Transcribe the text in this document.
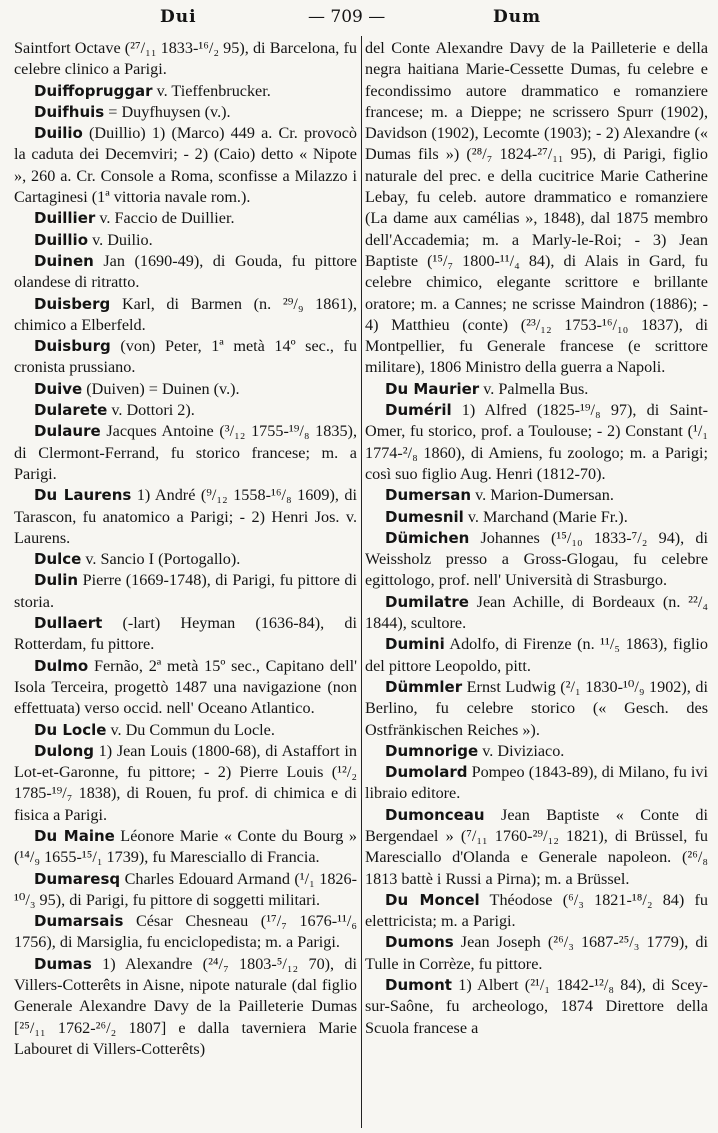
Dui	— 709 —	Dum
Saintfort Octave (²⁷/₁₁ 1833-¹⁶/₂ 95), di Barcelona, fu celebre clinico a Parigi.
Duiffopruggar v. Tieffenbrucker.
Duifhuis = Duyfhuysen (v.).
Duilio (Duillio) 1) (Marco) 449 a. Cr. provocò la caduta dei Decemviri; - 2) (Caio) detto « Nipote », 260 a. Cr. Console a Roma, sconfisse a Milazzo i Cartaginesi (1ª vittoria navale rom.).
Duillier v. Faccio de Duillier.
Duillio v. Duilio.
Duinen Jan (1690-49), di Gouda, fu pittore olandese di ritratto.
Duisberg Karl, di Barmen (n. ²⁹/₉ 1861), chimico a Elberfeld.
Duisburg (von) Peter, 1ª metà 14º sec., fu cronista prussiano.
Duive (Duiven) = Duinen (v.).
Dularete v. Dottori 2).
Dulaure Jacques Antoine (³/₁₂ 1755-¹⁹/₈ 1835), di Clermont-Ferrand, fu storico francese; m. a Parigi.
Du Laurens 1) André (⁹/₁₂ 1558-¹⁶/₈ 1609), di Tarascon, fu anatomico a Parigi; - 2) Henri Jos. v. Laurens.
Dulce v. Sancio I (Portogallo).
Dulin Pierre (1669-1748), di Parigi, fu pittore di storia.
Dullaert (-lart) Heyman (1636-84), di Rotterdam, fu pittore.
Dulmo Fernão, 2ª metà 15º sec., Capitano dell' Isola Terceira, progettò 1487 una navigazione (non effettuata) verso occid. nell' Oceano Atlantico.
Du Locle v. Du Commun du Locle.
Dulong 1) Jean Louis (1800-68), di Astaffort in Lot-et-Garonne, fu pittore; - 2) Pierre Louis (¹²/₂ 1785-¹⁹/₇ 1838), di Rouen, fu prof. di chimica e di fisica a Parigi.
Du Maine Léonore Marie « Conte du Bourg » (¹⁴/₉ 1655-¹⁵/₁ 1739), fu Maresciallo di Francia.
Dumaresq Charles Edouard Armand (¹/₁ 1826-¹⁰/₃ 95), di Parigi, fu pittore di soggetti militari.
Dumarsais César Chesneau (¹⁷/₇ 1676-¹¹/₆ 1756), di Marsiglia, fu enciclopedista; m. a Parigi.
Dumas 1) Alexandre (²⁴/₇ 1803-⁵/₁₂ 70), di Villers-Cotterêts in Aisne, nipote naturale (dal figlio Generale Alexandre Davy de la Pailleterie Dumas [²⁵/₁₁ 1762-²⁶/₂ 1807] e dalla taverniera Marie Labouret di Villers-Cotterêts)
del Conte Alexandre Davy de la Pailleterie e della negra haitiana Marie-Cessette Dumas, fu celebre e fecondissimo autore drammatico e romanziere francese; m. a Dieppe; ne scrissero Spurr (1902), Davidson (1902), Lecomte (1903); - 2) Alexandre (« Dumas fils ») (²⁸/₇ 1824-²⁷/₁₁ 95), di Parigi, figlio naturale del prec. e della cucitrice Marie Catherine Lebay, fu celeb. autore drammatico e romanziere (La dame aux camélias », 1848), dal 1875 membro dell'Accademia; m. a Marly-le-Roi; - 3) Jean Baptiste (¹⁵/₇ 1800-¹¹/₄ 84), di Alais in Gard, fu celebre chimico, elegante scrittore e brillante oratore; m. a Cannes; ne scrisse Maindron (1886); - 4) Matthieu (conte) (²³/₁₂ 1753-¹⁶/₁₀ 1837), di Montpellier, fu Generale francese (e scrittore militare), 1806 Ministro della guerra a Napoli.
Du Maurier v. Palmella Bus.
Duméril 1) Alfred (1825-¹⁹/₈ 97), di Saint-Omer, fu storico, prof. a Toulouse; - 2) Constant (¹/₁ 1774-²/₈ 1860), di Amiens, fu zoologo; m. a Parigi; così suo figlio Aug. Henri (1812-70).
Dumersan v. Marion-Dumersan.
Dumesnil v. Marchand (Marie Fr.).
Dümichen Johannes (¹⁵/₁₀ 1833-⁷/₂ 94), di Weissholz presso a Gross-Glogau, fu celebre egittologo, prof. nell' Università di Strasburgo.
Dumilatre Jean Achille, di Bordeaux (n. ²²/₄ 1844), scultore.
Dumini Adolfo, di Firenze (n. ¹¹/₅ 1863), figlio del pittore Leopoldo, pitt.
Dümmler Ernst Ludwig (²/₁ 1830-¹⁰/₉ 1902), di Berlino, fu celebre storico (« Gesch. des Ostfränkischen Reiches »).
Dumnorige v. Diviziaco.
Dumolard Pompeo (1843-89), di Milano, fu ivi libraio editore.
Dumonceau Jean Baptiste « Conte di Bergendael » (⁷/₁₁ 1760-²⁹/₁₂ 1821), di Brüssel, fu Maresciallo d'Olanda e Generale napoleon. (²⁶/₈ 1813 battè i Russi a Pirna); m. a Brüssel.
Du Moncel Théodose (⁶/₃ 1821-¹⁸/₂ 84) fu elettricista; m. a Parigi.
Dumons Jean Joseph (²⁶/₃ 1687-²⁵/₃ 1779), di Tulle in Corrèze, fu pittore.
Dumont 1) Albert (²¹/₁ 1842-¹²/₈ 84), di Scey-sur-Saône, fu archeologo, 1874 Direttore della Scuola francese a
